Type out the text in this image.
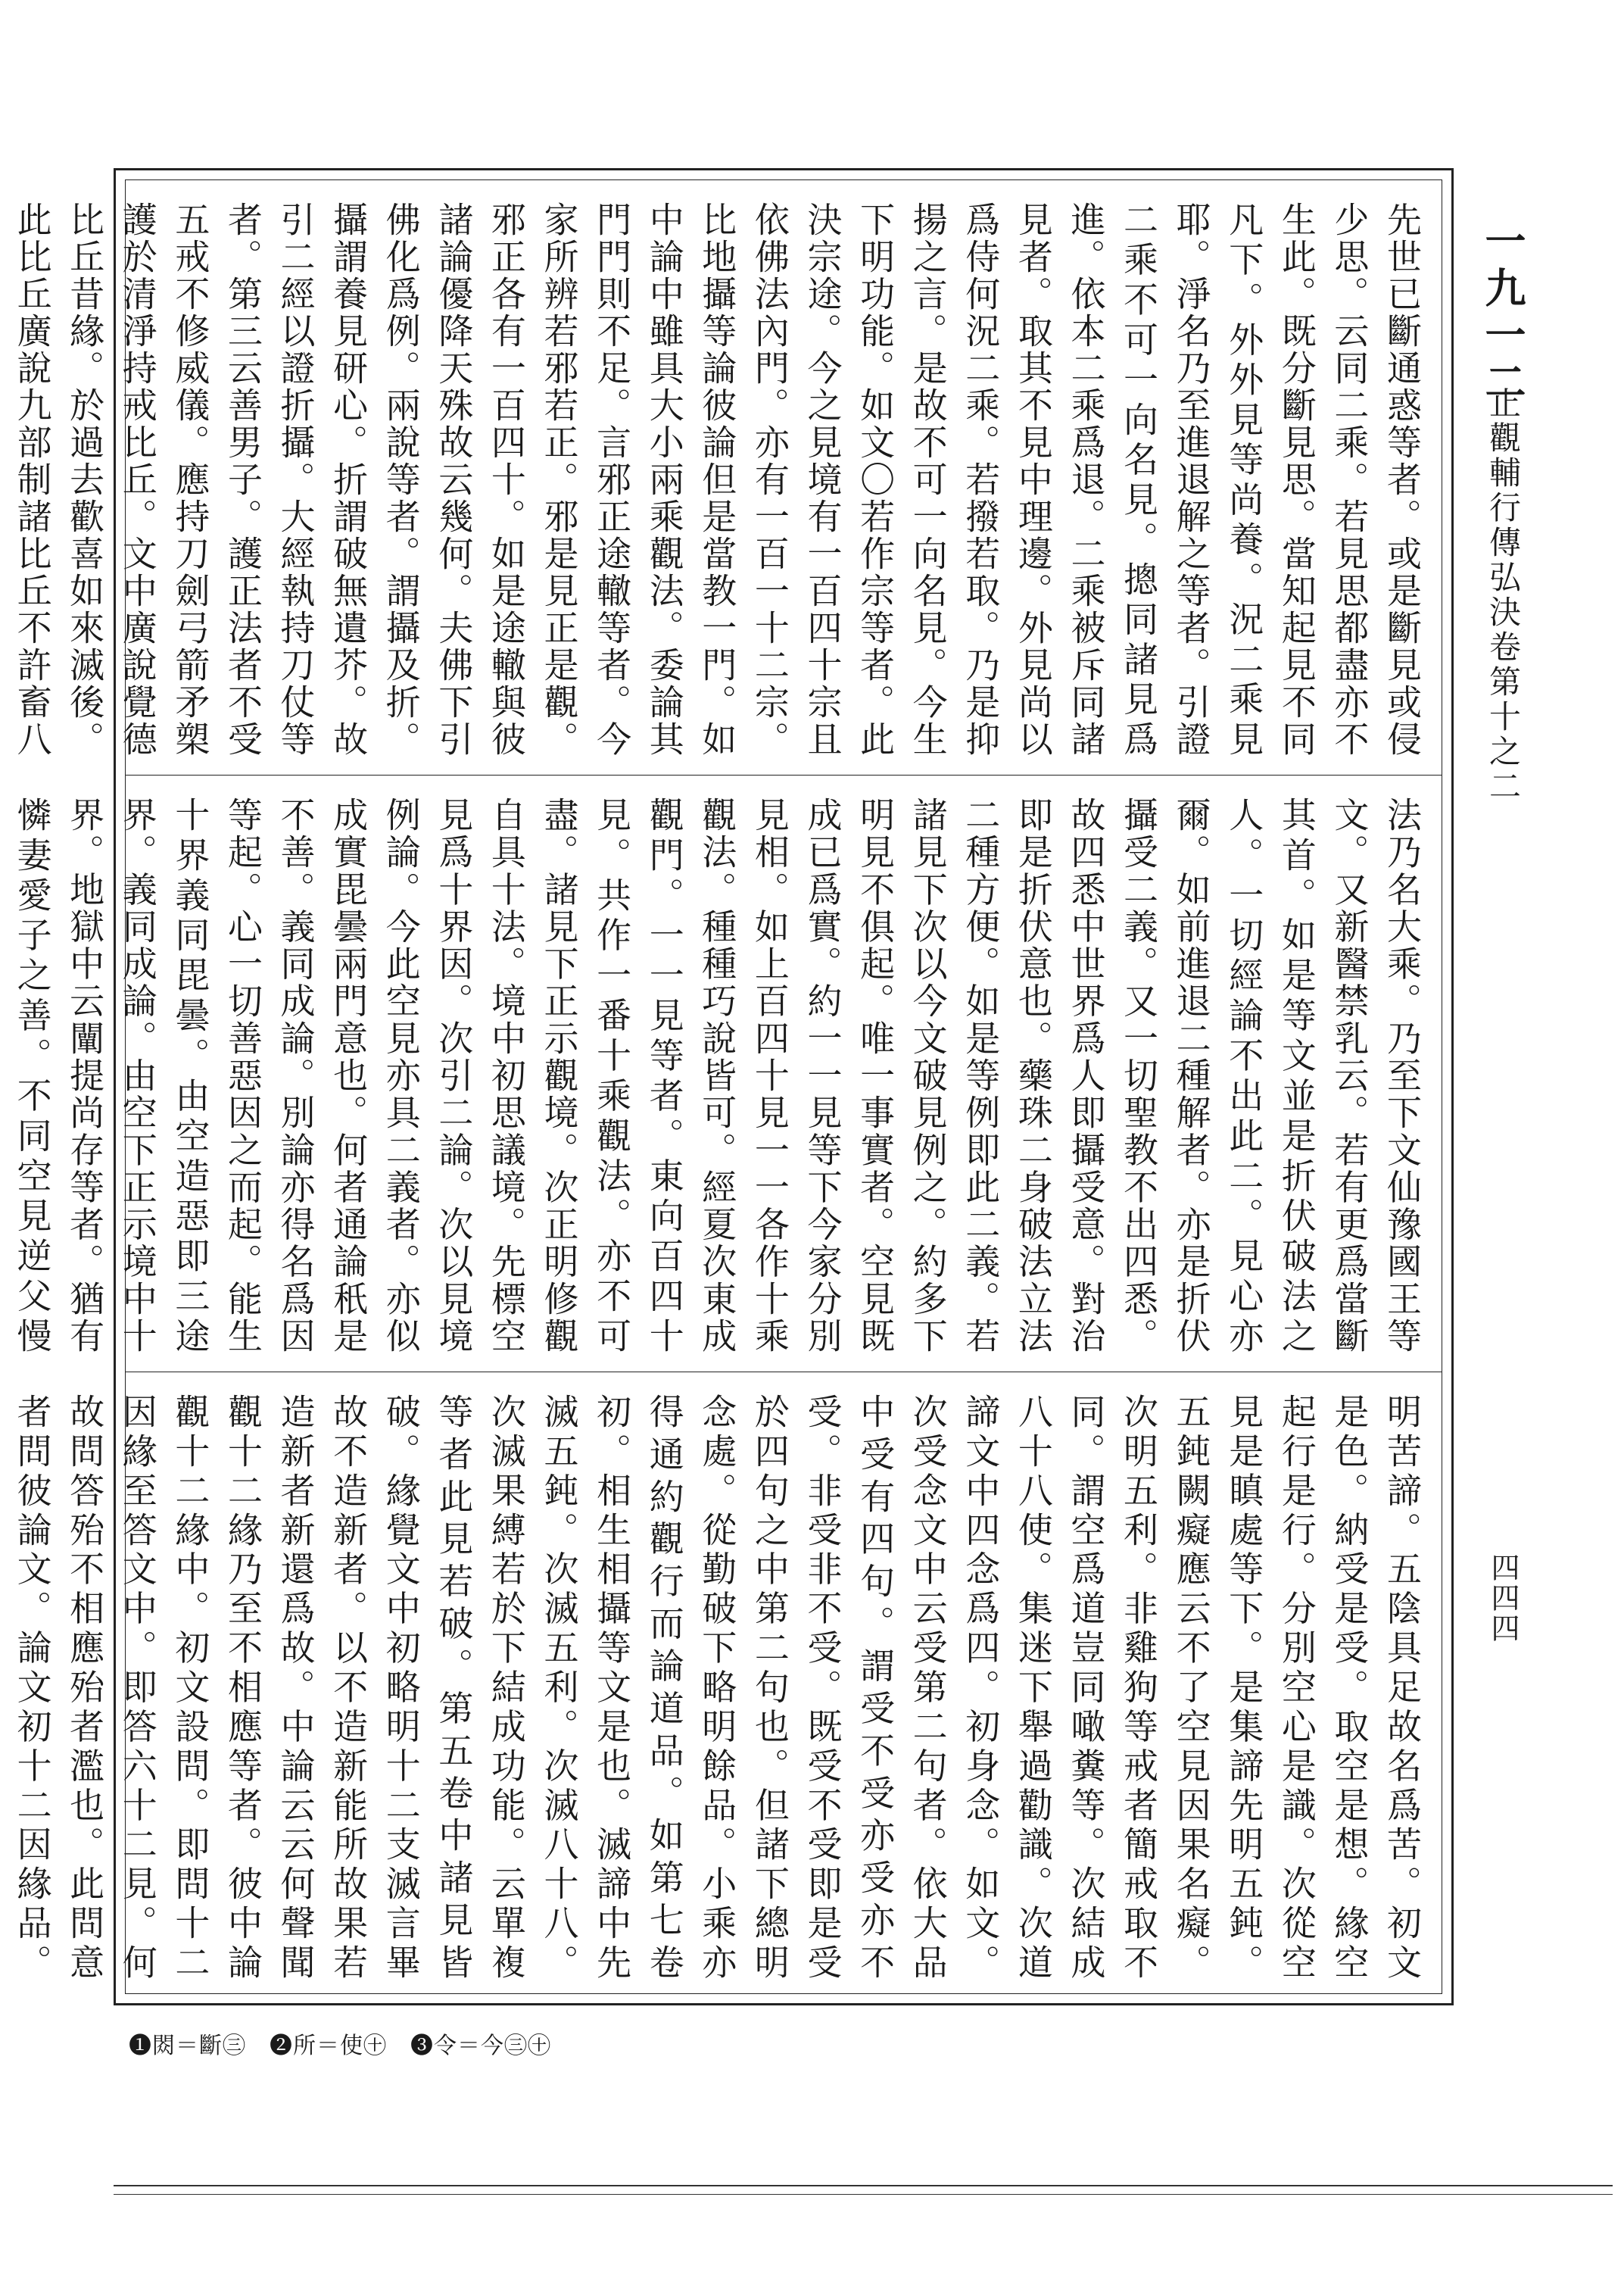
一九一二
止觀輔行傳弘決卷第十之二
四四四
先世已斷通惑等者。或是斷見或侵少思。云同二乘。若見思都盡亦不生此。既分斷見思。當知起見不同凡下。外外見等尚養。況二乘見耶。淨名乃至進退解之等者。引證二乘不可一向名見。摠同諸見爲進。依本二乘爲退。二乘被斥同諸見者。取其不見中理邊。外見尚以爲侍何況二乘。若撥若取。乃是抑揚之言。是故不可一向名見。今生下明功能。如文〇若作宗等者。此決宗途。今之見境有一百四十宗且依佛法內門。亦有一百一十二宗。比地攝等論彼論但是當教一門。如中論中雖具大小兩乘觀法。委論其門門則不足。言邪正途轍等者。今家所辨若邪若正。邪是見正是觀。邪正各有一百四十。如是途轍與彼諸論優降天殊故云幾何。夫佛下引佛化爲例。兩說等者。謂攝及折。攝謂養見研心。折謂破無遺芥。故引二經以證折攝。大經執持刀仗等者。第三云善男子。護正法者不受五戒不修威儀。應持刀劍弓箭矛槊護於清淨持戒比丘。文中廣說覺德比丘昔緣。於過去歡喜如來滅後。此比丘廣說九部制諸比丘不許畜八
法乃名大乘。乃至下文仙豫國王等文。又新醫禁乳云。若有更爲當斷其首。如是等文並是折伏破法之人。一切經論不出此二。見心亦爾。如前進退二種解者。亦是折伏攝受二義。又一切聖教不出四悉。故四悉中世界爲人即攝受意。對治即是折伏意也。藥珠二身破法立法二種方便。如是等例即此二義。若諸見下次以今文破見例之。約多下明見不俱起。唯一事實者。空見既成已爲實。約一一見等下今家分別見相。如上百四十見一一各作十乘觀法。種種巧說皆可。經夏次東成觀門。一一見等者。東向百四十見。共作一番十乘觀法。亦不可盡。諸見下正示觀境。次正明修觀自具十法。境中初思議境。先標空見爲十界因。次引二論。次以見境例論。今此空見亦具二義者。亦似成實毘曇兩門意也。何者通論秖是不善。義同成論。別論亦得名爲因等起。心一切善惡因之而起。能生十界義同毘曇。由空造惡即三途界。義同成論。由空下正示境中十界。地獄中云闡提尚存等者。猶有憐妻愛子之善。不同空見逆父慢
明苦諦。五陰具足故名爲苦。初文是色。納受是受。取空是想。緣空起行是行。分別空心是識。次從空見是瞋處等下。是集諦先明五鈍。五鈍闕癡應云不了空見因果名癡。次明五利。非雞狗等戒者簡戒取不同。謂空爲道豈同噉糞等。次結成八十八使。集迷下舉過勸識。次道諦文中四念爲四。初身念。如文。次受念文中云受第二句者。依大品中受有四句。謂受不受亦受亦不受。非受非不受。既受不受即是受於四句之中第二句也。但諸下總明念處。從勤破下略明餘品。小乘亦得通約觀行而論道品。如第七卷初。相生相攝等文是也。滅諦中先滅五鈍。次滅五利。次滅八十八。次滅果縛若於下結成功能。云單複等者此見若破。第五卷中諸見皆破。緣覺文中初略明十二支滅言畢故不造新者。以不造新能所故果若造新者新還爲故。中論云云何聲聞觀十二緣乃至不相應等者。彼中論觀十二緣中。初文設問。即問十二因緣至答文中。即答六十二見。何故問答殆不相應殆者濫也。此問意者問彼論文。論文初十二因緣品。
❶閦＝斷㊂　❷所＝使㊉　❸令＝今㊂㊉
